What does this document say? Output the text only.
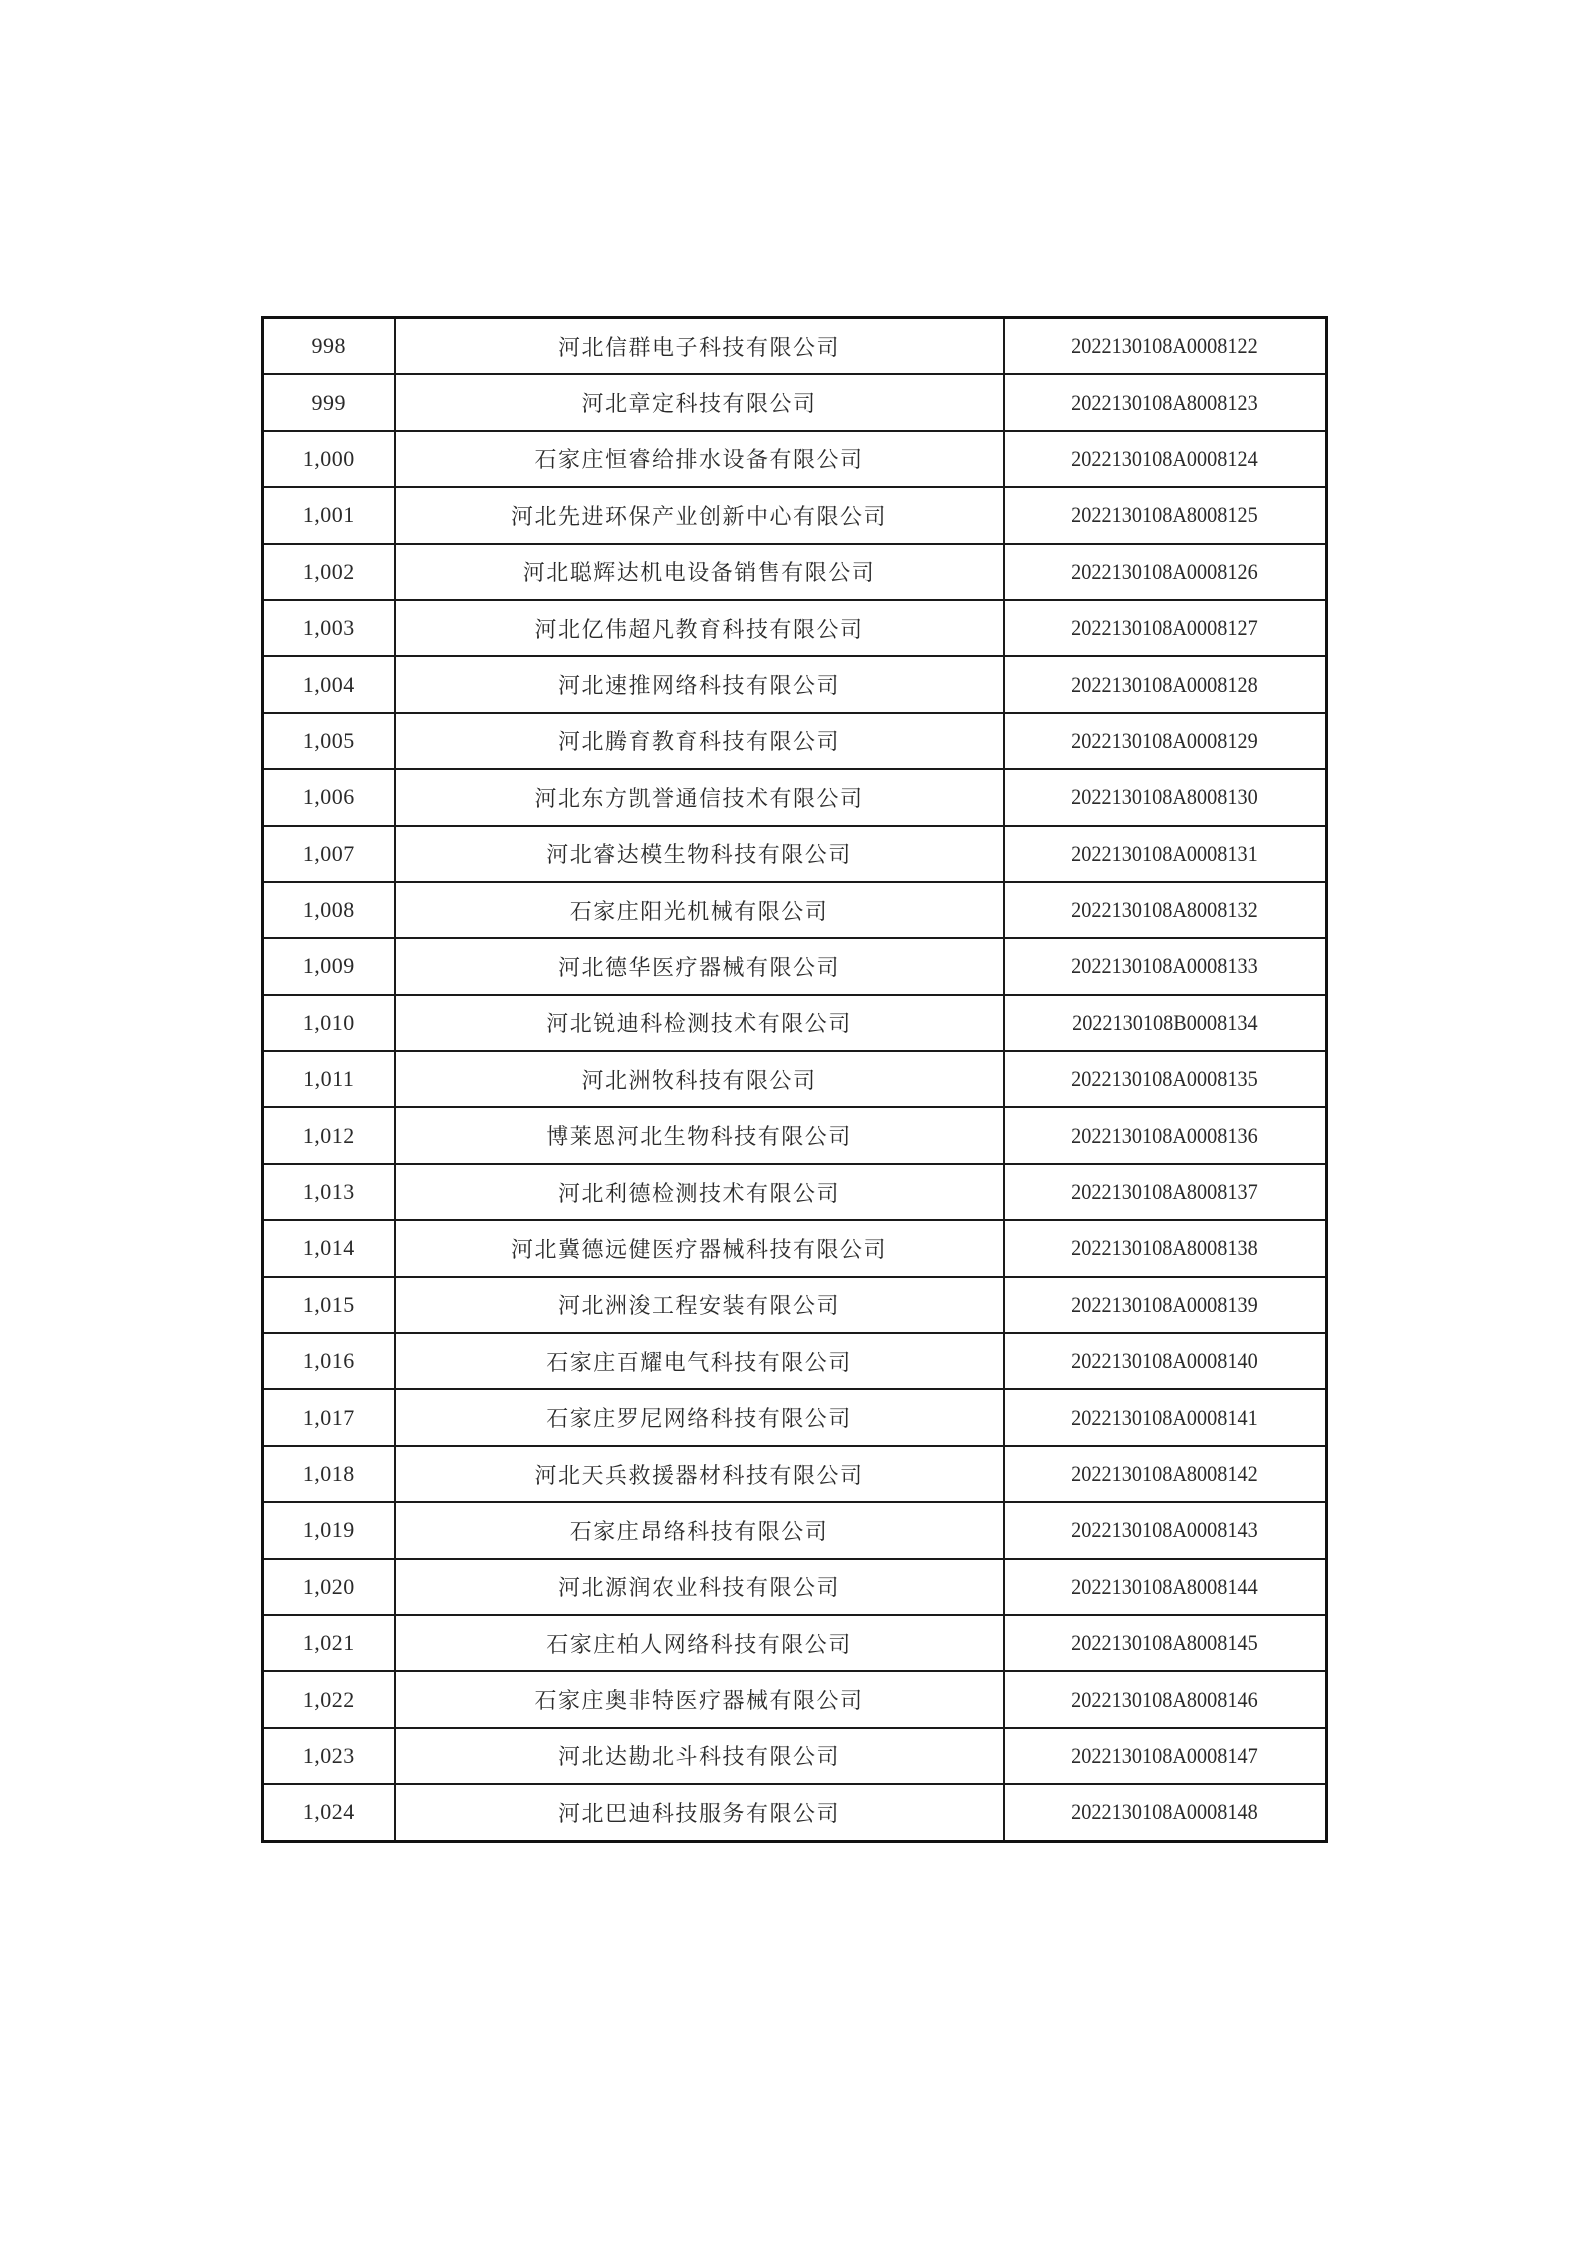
998	河北信群电子科技有限公司	2022130108A0008122
999	河北章定科技有限公司	2022130108A8008123
1,000	石家庄恒睿给排水设备有限公司	2022130108A0008124
1,001	河北先进环保产业创新中心有限公司	2022130108A8008125
1,002	河北聪辉达机电设备销售有限公司	2022130108A0008126
1,003	河北亿伟超凡教育科技有限公司	2022130108A0008127
1,004	河北速推网络科技有限公司	2022130108A0008128
1,005	河北腾育教育科技有限公司	2022130108A0008129
1,006	河北东方凯誉通信技术有限公司	2022130108A8008130
1,007	河北睿达模生物科技有限公司	2022130108A0008131
1,008	石家庄阳光机械有限公司	2022130108A8008132
1,009	河北德华医疗器械有限公司	2022130108A0008133
1,010	河北锐迪科检测技术有限公司	2022130108B0008134
1,011	河北洲牧科技有限公司	2022130108A0008135
1,012	博莱恩河北生物科技有限公司	2022130108A0008136
1,013	河北利德检测技术有限公司	2022130108A8008137
1,014	河北冀德远健医疗器械科技有限公司	2022130108A8008138
1,015	河北洲浚工程安装有限公司	2022130108A0008139
1,016	石家庄百耀电气科技有限公司	2022130108A0008140
1,017	石家庄罗尼网络科技有限公司	2022130108A0008141
1,018	河北天兵救援器材科技有限公司	2022130108A8008142
1,019	石家庄昂络科技有限公司	2022130108A0008143
1,020	河北源润农业科技有限公司	2022130108A8008144
1,021	石家庄柏人网络科技有限公司	2022130108A8008145
1,022	石家庄奥非特医疗器械有限公司	2022130108A8008146
1,023	河北达勘北斗科技有限公司	2022130108A0008147
1,024	河北巴迪科技服务有限公司	2022130108A0008148
